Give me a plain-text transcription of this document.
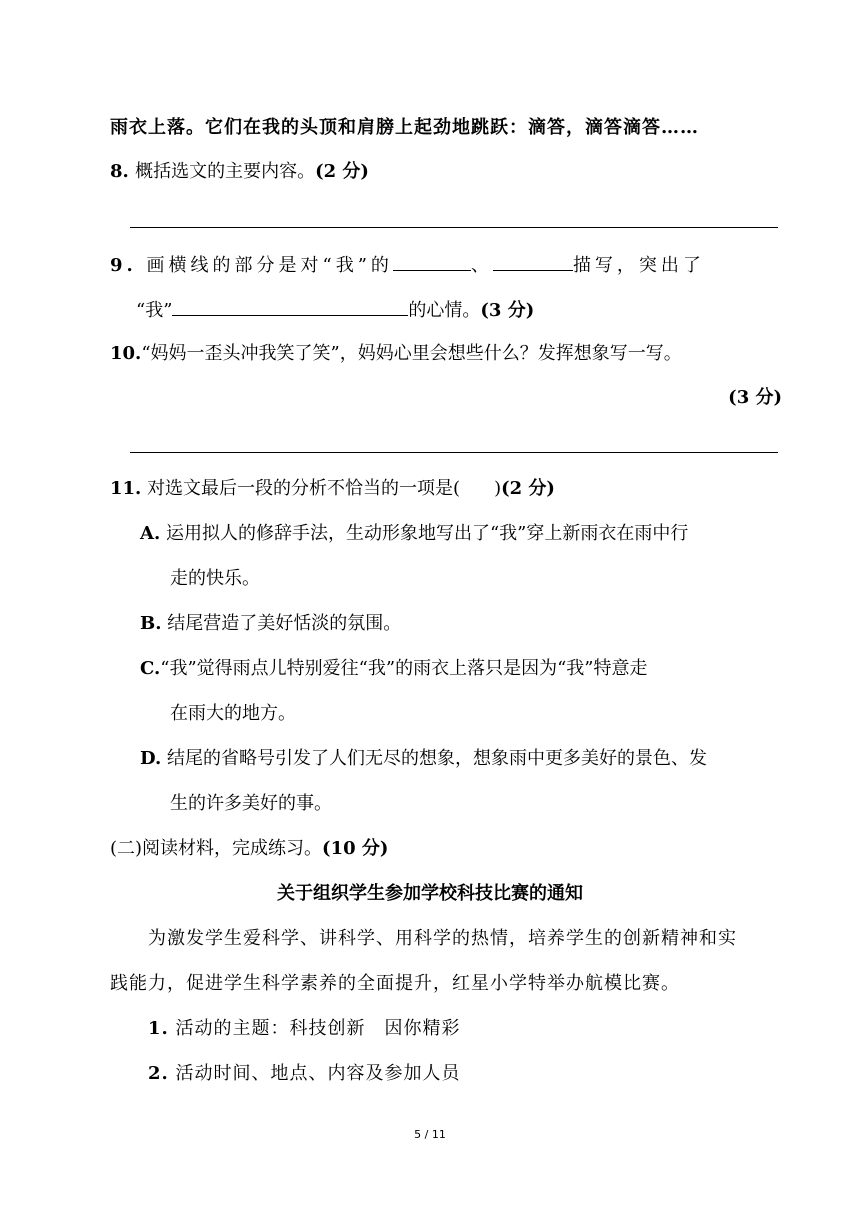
雨衣上落。它们在我的头顶和肩膀上起劲地跳跃：滴答，滴答滴答……
8. 概括选文的主要内容。(2 分)
9. 画横线的部分是对“我”的	、	描写，突出了
“我”	的心情。(3 分)
10.“妈妈一歪头冲我笑了笑”，妈妈心里会想些什么？发挥想象写一写。
(3 分)
11. 对选文最后一段的分析不恰当的一项是( )(2 分)
A. 运用拟人的修辞手法，生动形象地写出了“我”穿上新雨衣在雨中行
走的快乐。
B. 结尾营造了美好恬淡的氛围。
C.“我”觉得雨点儿特别爱往“我”的雨衣上落只是因为“我”特意走
在雨大的地方。
D. 结尾的省略号引发了人们无尽的想象，想象雨中更多美好的景色、发
生的许多美好的事。
(二)阅读材料，完成练习。(10 分)
关于组织学生参加学校科技比赛的通知
为激发学生爱科学、讲科学、用科学的热情，培养学生的创新精神和实
践能力，促进学生科学素养的全面提升，红星小学特举办航模比赛。
1. 活动的主题：科技创新　因你精彩
2. 活动时间、地点、内容及参加人员
5 / 11
